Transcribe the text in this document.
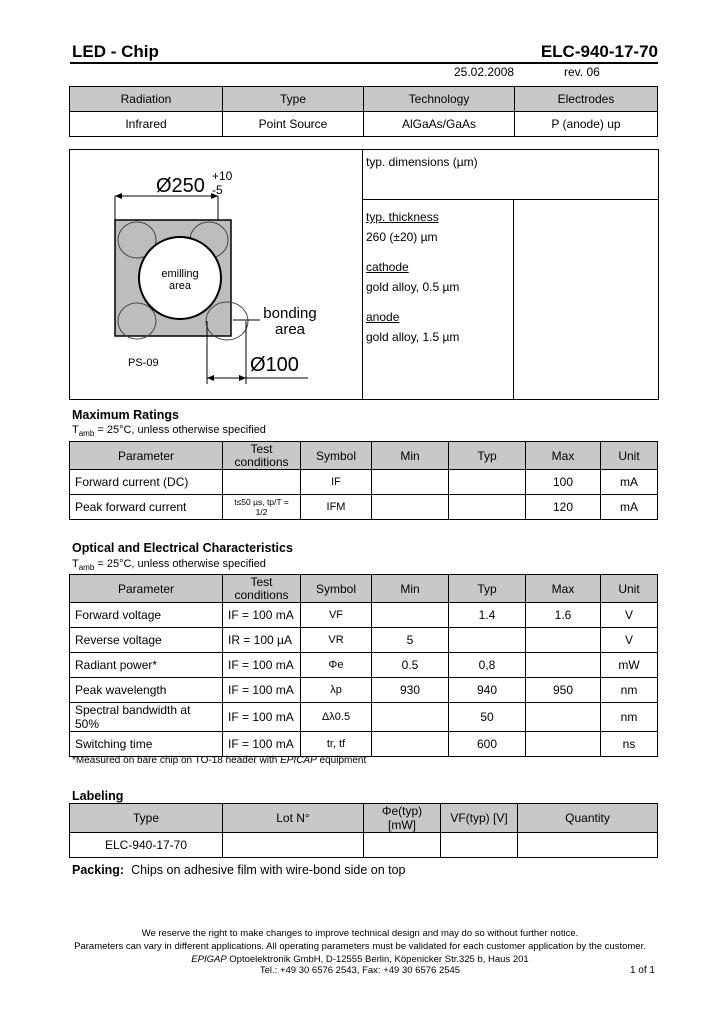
LED - Chip	ELC-940-17-70
25.02.2008	rev. 06
Radiation	Type	Technology	Electrodes
Infrared	Point Source	AlGaAs/GaAs	P (anode) up
Ø250 +10
-5
emilling
area
bonding
area
PS-09	Ø100
typ. dimensions (µm)
typ. thickness
260 (±20) µm
cathode
gold alloy, 0.5 µm
anode
gold alloy, 1.5 µm
Maximum Ratings
$T_{amb} = 25^\circ C$, unless otherwise specified
Parameter	Test conditions	Symbol	Min	Typ	Max	Unit
Forward current (DC)		IF			100	mA
Peak forward current	t≤50 µs, tp/T = 1/2	IFM			120	mA
Optical and Electrical Characteristics
$T_{amb} = 25^\circ C$, unless otherwise specified
Parameter	Test conditions	Symbol	Min	Typ	Max	Unit
Forward voltage	IF = 100 mA	VF		1.4	1.6	V
Reverse voltage	IR = 100 µA	VR	5			V
Radiant power*	IF = 100 mA	Φe	0.5	0,8		mW
Peak wavelength	IF = 100 mA	λp	930	940	950	nm
Spectral bandwidth at 50%	IF = 100 mA	Δλ0.5		50		nm
Switching time	IF = 100 mA	tr, tf		600		ns
*Measured on bare chip on TO-18 header with EPICAP equipment
Labeling
Type	Lot N°	Φe(typ) [mW]	VF(typ) [V]	Quantity
ELC-940-17-70				
Packing: Chips on adhesive film with wire-bond side on top
We reserve the right to make changes to improve technical design and may do so without further notice.
Parameters can vary in different applications. All operating parameters must be validated for each customer application by the customer.
EPIGAP Optoelektronik GmbH, D-12555 Berlin, Köpenicker Str.325 b, Haus 201
Tel.: +49 30 6576 2543, Fax: +49 30 6576 2545	1 of 1
